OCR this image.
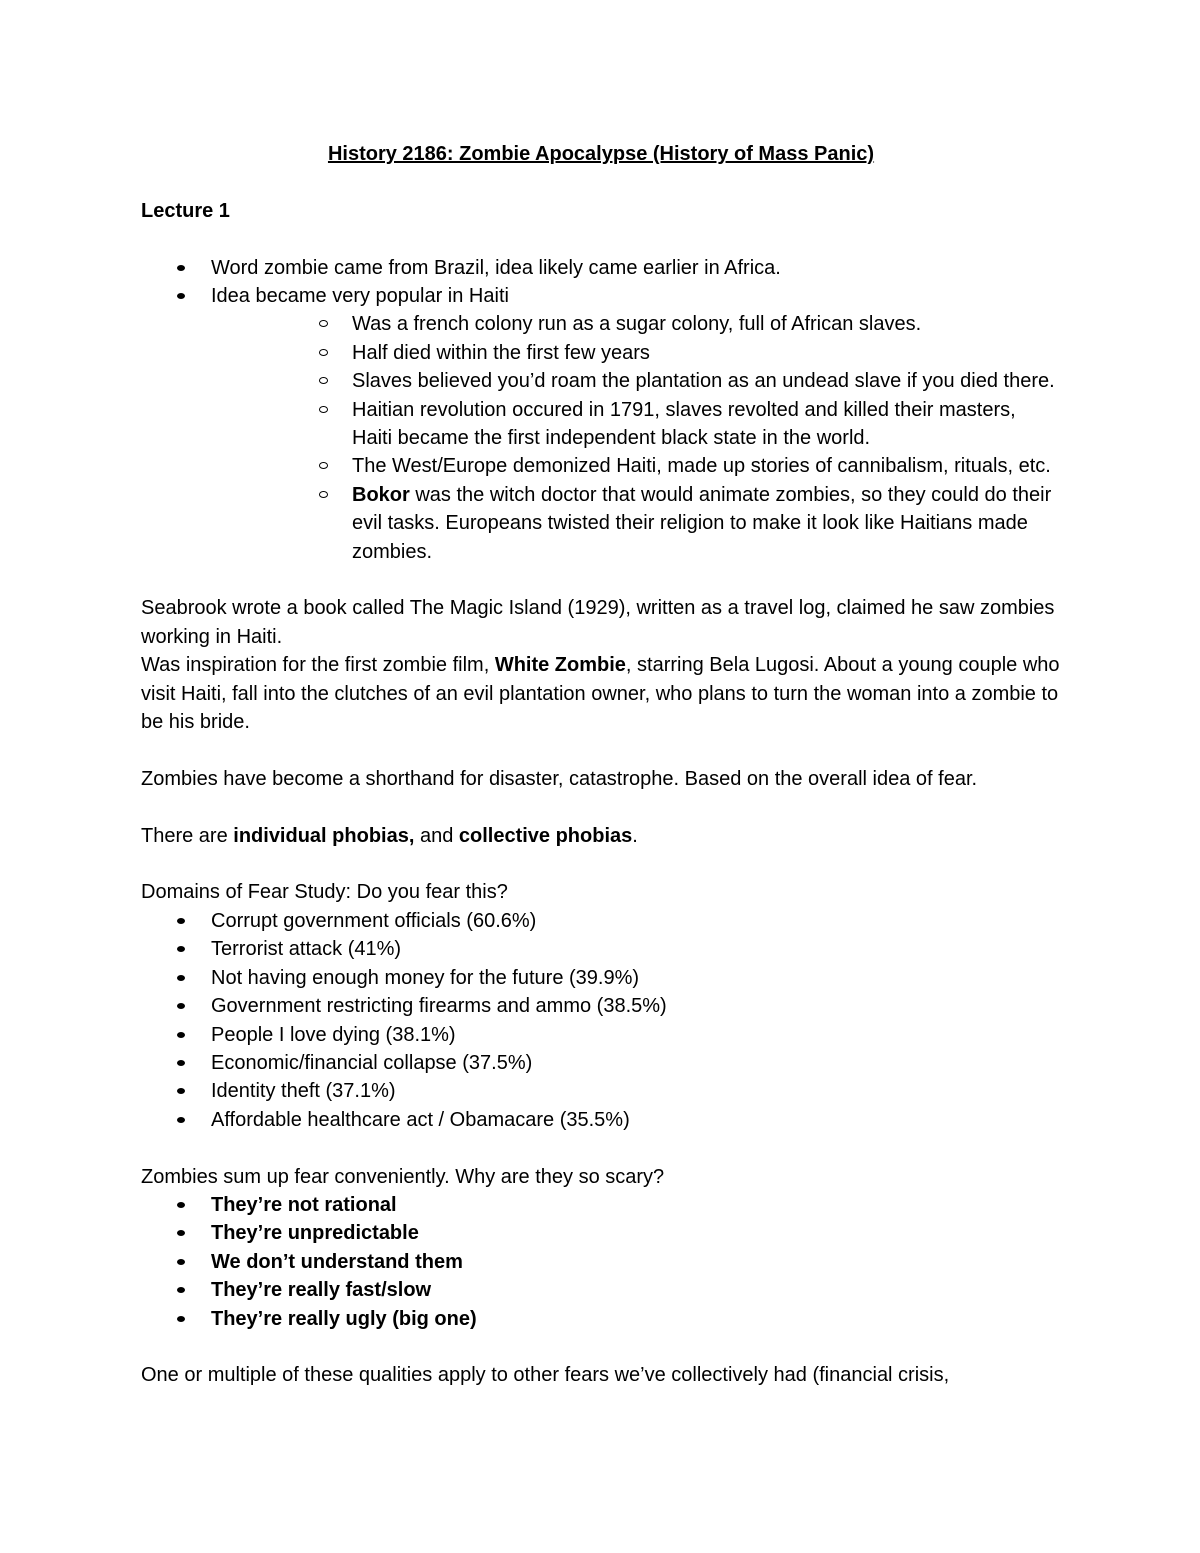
History 2186: Zombie Apocalypse (History of Mass Panic)

Lecture 1

Word zombie came from Brazil, idea likely came earlier in Africa.
Idea became very popular in Haiti
Was a french colony run as a sugar colony, full of African slaves.
Half died within the first few years
Slaves believed you’d roam the plantation as an undead slave if you died there.
Haitian revolution occured in 1791, slaves revolted and killed their masters, Haiti became the first independent black state in the world.
The West/Europe demonized Haiti, made up stories of cannibalism, rituals, etc.
Bokor was the witch doctor that would animate zombies, so they could do their evil tasks. Europeans twisted their religion to make it look like Haitians made zombies.

Seabrook wrote a book called The Magic Island (1929), written as a travel log, claimed he saw zombies working in Haiti.

Was inspiration for the first zombie film, White Zombie, starring Bela Lugosi. About a young couple who visit Haiti, fall into the clutches of an evil plantation owner, who plans to turn the woman into a zombie to be his bride.

Zombies have become a shorthand for disaster, catastrophe. Based on the overall idea of fear.

There are individual phobias, and collective phobias.

Domains of Fear Study: Do you fear this?

Corrupt government officials (60.6%)
Terrorist attack (41%)
Not having enough money for the future (39.9%)
Government restricting firearms and ammo (38.5%)
People I love dying (38.1%)
Economic/financial collapse (37.5%)
Identity theft (37.1%)
Affordable healthcare act / Obamacare (35.5%)

Zombies sum up fear conveniently. Why are they so scary?

They’re not rational
They’re unpredictable
We don’t understand them
They’re really fast/slow
They’re really ugly (big one)

One or multiple of these qualities apply to other fears we’ve collectively had (financial crisis,
